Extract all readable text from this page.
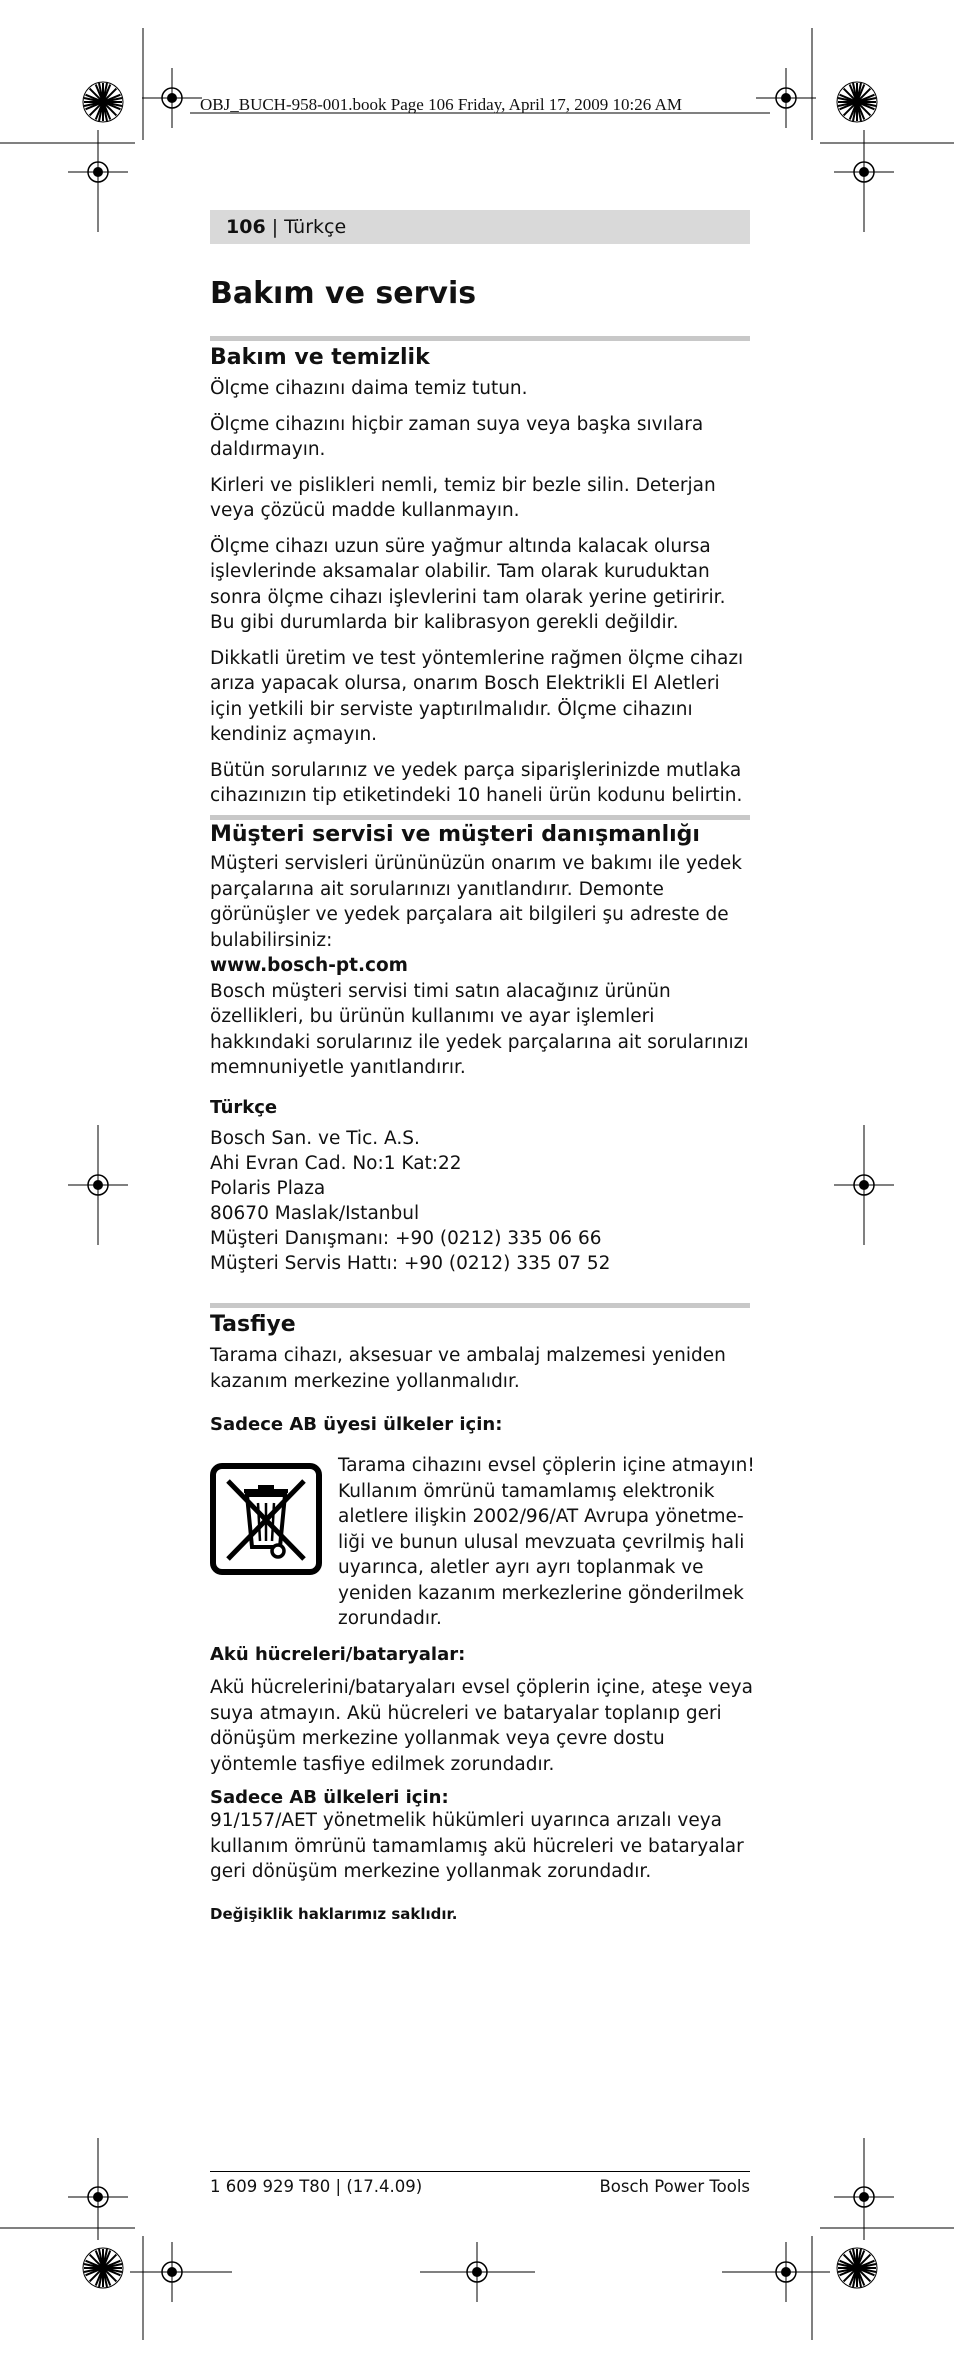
OBJ_BUCH-958-001.book Page 106 Friday, April 17, 2009 10:26 AM
106 | Türkçe
Bakım ve servis
Bakım ve temizlik

Ölçme cihazını daima temiz tutun.

Ölçme cihazını hiçbir zaman suya veya başka sıvılara daldırmayın.

Kirleri ve pislikleri nemli, temiz bir bezle silin. Deterjan veya çözücü madde kullanmayın.

Ölçme cihazı uzun süre yağmur altında kalacak olursa işlevlerinde aksamalar olabilir. Tam olarak kuruduktan sonra ölçme cihazı işlevlerini tam olarak yerine getiririr. Bu gibi durumlarda bir kalibrasyon gerekli değildir.

Dikkatli üretim ve test yöntemlerine rağmen ölçme cihazı arıza yapacak olursa, onarım Bosch Elektrikli El Aletleri için yetkili bir serviste yaptırılmalıdır. Ölçme cihazını kendiniz açmayın.

Bütün sorularınız ve yedek parça siparişlerinizde mutlaka cihazınızın tip etiketindeki 10 haneli ürün kodunu belirtin.

Müşteri servisi ve müşteri danışmanlığı

Müşteri servisleri ürününüzün onarım ve bakımı ile yedek parçalarına ait sorularınızı yanıtlandırır. Demonte görünüşler ve yedek parçalara ait bilgileri şu adreste de bulabilirsiniz:

www.bosch-pt.com

Bosch müşteri servisi timi satın alacağınız ürünün özellikleri, bu ürünün kullanımı ve ayar işlemleri hakkındaki sorularınız ile yedek parçalarına ait sorularınızı memnuniyetle yanıtlandırır.

Türkçe

Bosch San. ve Tic. A.S.

Ahi Evran Cad. No:1 Kat:22

Polaris Plaza

80670 Maslak/Istanbul

Müşteri Danışmanı: +90 (0212) 335 06 66

Müşteri Servis Hattı: +90 (0212) 335 07 52

Tasfiye

Tarama cihazı, aksesuar ve ambalaj malzemesi yeniden kazanım merkezine yollanmalıdır.

Sadece AB üyesi ülkeler için:

Tarama cihazını evsel çöplerin içine atmayın!

Kullanım ömrünü tamamlamış elektronik

aletlere ilişkin 2002/96/AT Avrupa yönetme-

liği ve bunun ulusal mevzuata çevrilmiş hali

uyarınca, aletler ayrı ayrı toplanmak ve

yeniden kazanım merkezlerine gönderilmek

zorundadır.

Akü hücreleri/bataryalar:

Akü hücrelerini/bataryaları evsel çöplerin içine, ateşe veya suya atmayın. Akü hücreleri ve bataryalar toplanıp geri dönüşüm merkezine yollanmak veya çevre dostu yöntemle tasfiye edilmek zorundadır.

Sadece AB ülkeleri için:

91/157/AET yönetmelik hükümleri uyarınca arızalı veya kullanım ömrünü tamamlamış akü hücreleri ve bataryalar geri dönüşüm merkezine yollanmak zorundadır.

Değişiklik haklarımız saklıdır.
1 609 929 T80 | (17.4.09)	Bosch Power Tools
